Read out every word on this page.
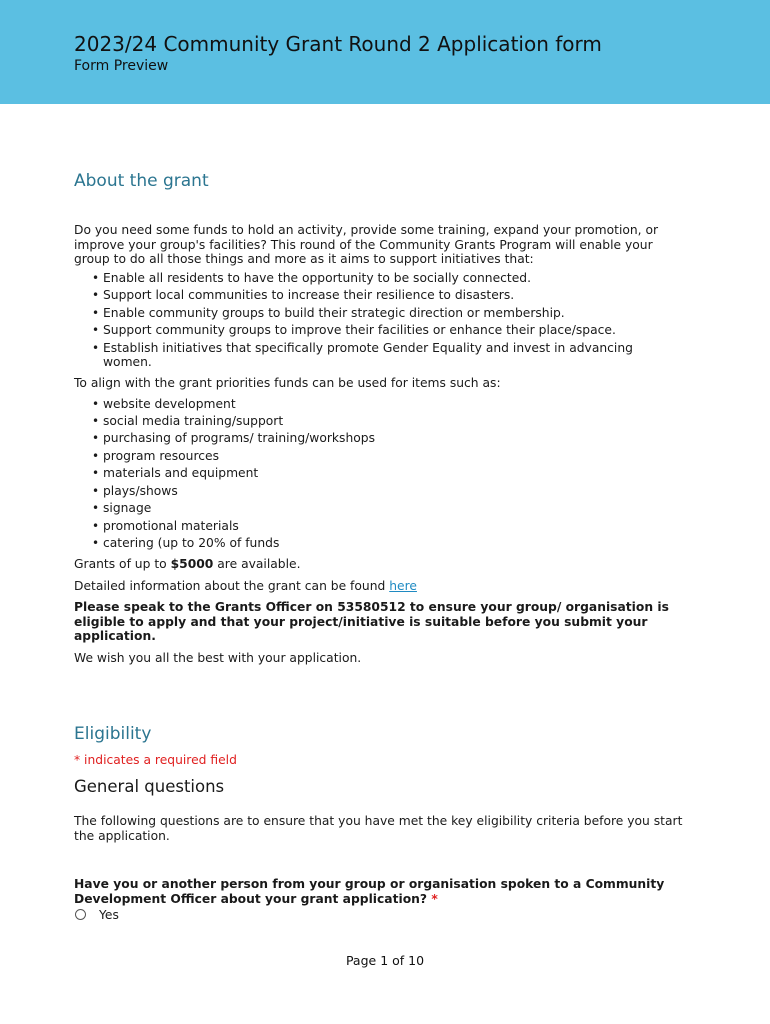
2023/24 Community Grant Round 2 Application form
Form Preview
About the grant

Do you need some funds to hold an activity, provide some training, expand your promotion, or improve your group's facilities? This round of the Community Grants Program will enable your group to do all those things and more as it aims to support initiatives that:

• Enable all residents to have the opportunity to be socially connected.
• Support local communities to increase their resilience to disasters.
• Enable community groups to build their strategic direction or membership.
• Support community groups to improve their facilities or enhance their place/space.
• Establish initiatives that specifically promote Gender Equality and invest in advancing women.

To align with the grant priorities funds can be used for items such as:

• website development
• social media training/support
• purchasing of programs/ training/workshops
• program resources
• materials and equipment
• plays/shows
• signage
• promotional materials
• catering (up to 20% of funds

Grants of up to $5000 are available.

Detailed information about the grant can be found here

Please speak to the Grants Officer on 53580512 to ensure your group/ organisation is eligible to apply and that your project/initiative is suitable before you submit your application.

We wish you all the best with your application.

Eligibility

* indicates a required field

General questions

The following questions are to ensure that you have met the key eligibility criteria before you start the application.

Have you or another person from your group or organisation spoken to a Community Development Officer about your grant application? *

Yes
Page 1 of 10
